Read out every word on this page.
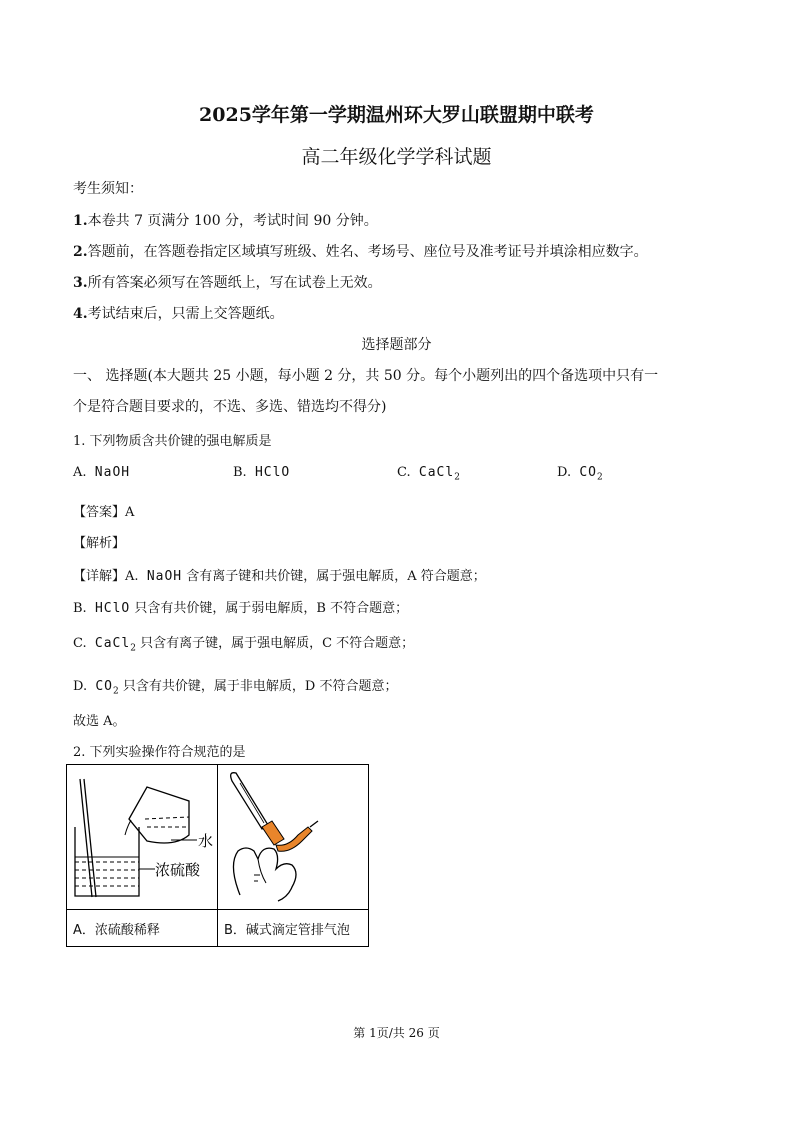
2025学年第一学期温州环大罗山联盟期中联考
高二年级化学学科试题
考生须知：
1.本卷共 7 页满分 100 分，考试时间 90 分钟。
2.答题前，在答题卷指定区域填写班级、姓名、考场号、座位号及准考证号并填涂相应数字。
3.所有答案必须写在答题纸上，写在试卷上无效。
4.考试结束后，只需上交答题纸。
选择题部分
一、 选择题(本大题共 25 小题，每小题 2 分，共 50 分。每个小题列出的四个备选项中只有一
个是符合题目要求的，不选、多选、错选均不得分)
1. 下列物质含共价键的强电解质是
A. NaOH	B. HClO	C. CaCl$_2$	D. $CO_2$
【答案】A
【解析】
【详解】A. NaOH 含有离子键和共价键，属于强电解质，A 符合题意；
B. HClO 只含有共价键，属于弱电解质，B 不符合题意；
C. CaCl$_2$ 只含有离子键，属于强电解质，C 不符合题意；
D. $CO_2$ 只含有共价键，属于非电解质，D 不符合题意；
故选 A。
2. 下列实验操作符合规范的是
水
浓硫酸

A．浓硫酸稀释	B．碱式滴定管排气泡
第 1页/共 26 页
